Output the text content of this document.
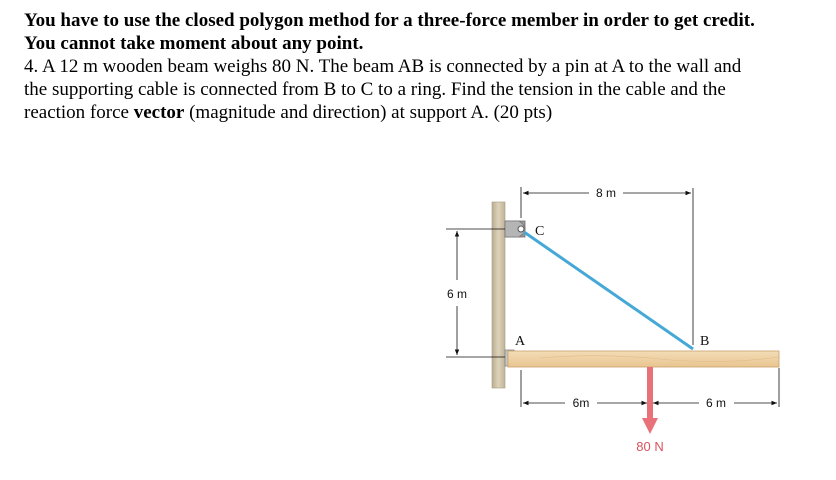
You have to use the closed polygon method for a three-force member in order to get credit.
You cannot take moment about any point.
4. A 12 m wooden beam weighs 80 N. The beam AB is connected by a pin at A to the wall and
the supporting cable is connected from B to C to a ring. Find the tension in the cable and the
reaction force vector (magnitude and direction) at support A. (20 pts)
8 m
6 m
6m	6 m
80 N
C
A	B
